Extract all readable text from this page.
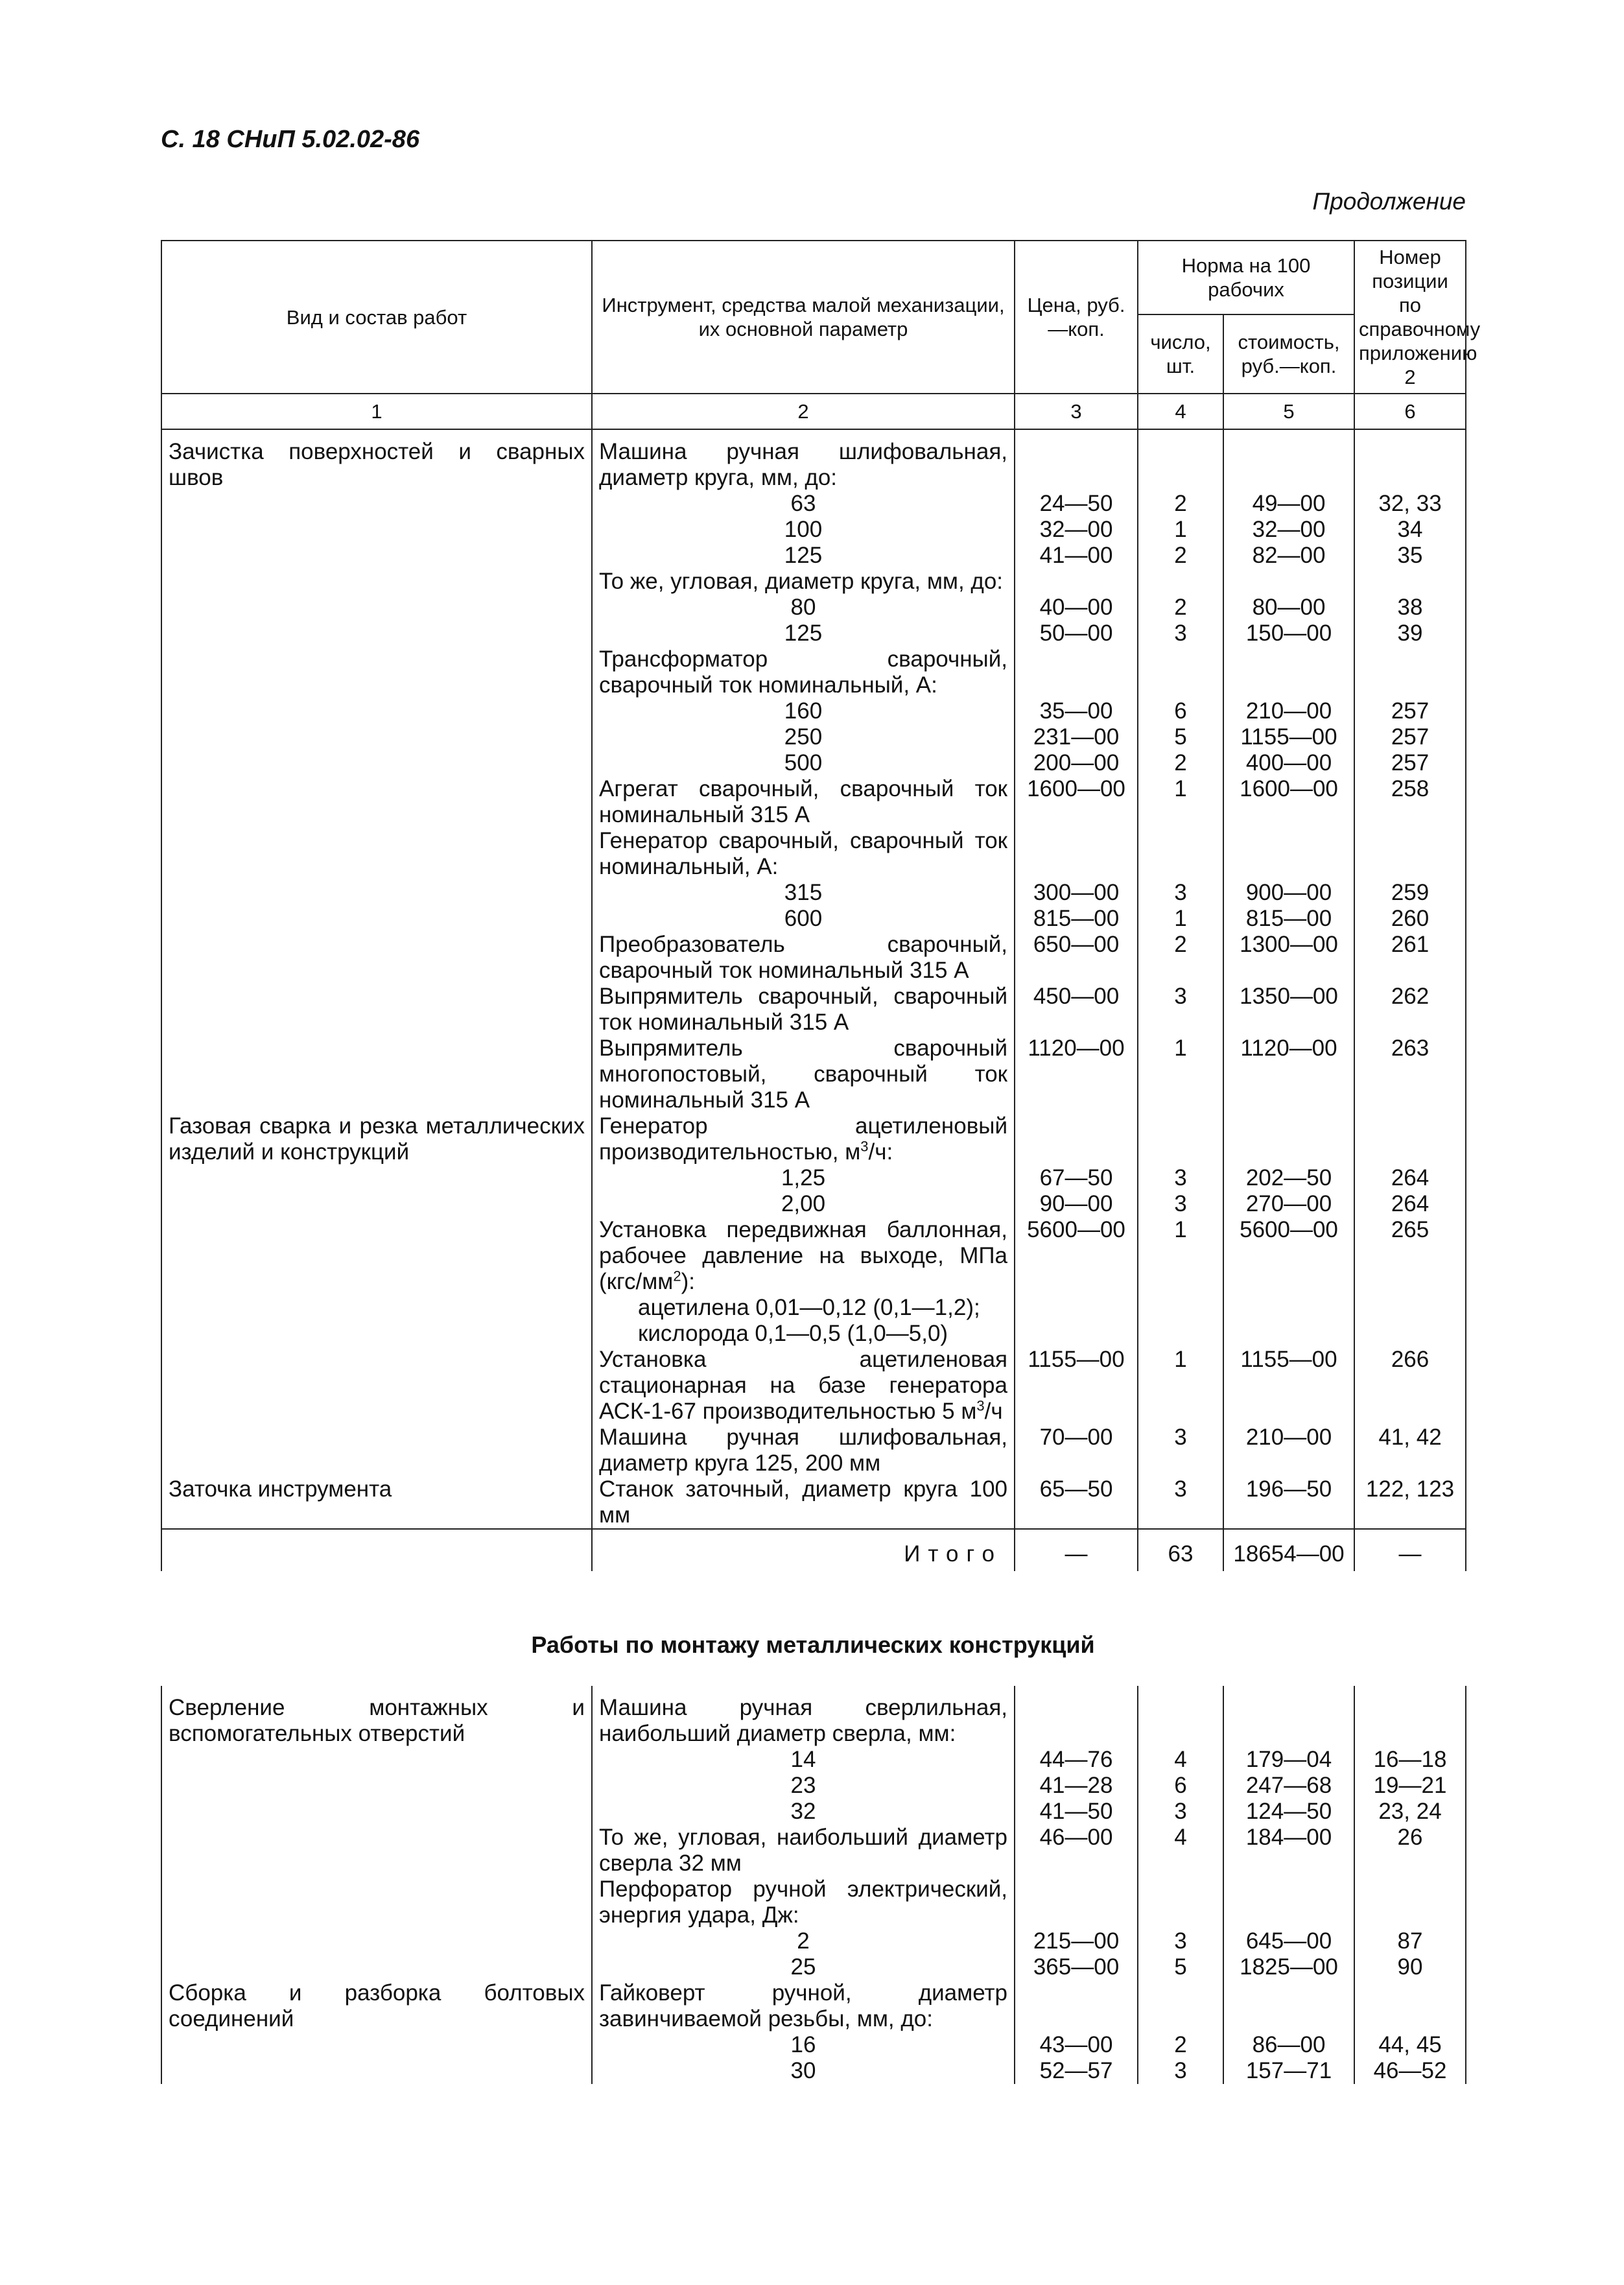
С. 18 СНиП 5.02.02-86
Продолжение
Вид и состав работ	Инструмент, средства малой механизации, их основной параметр	Цена, руб.—коп.	Норма на 100 рабочих		Номер позиции по справочному приложению 2
			число, шт.	стоимость, руб.—коп.	
1	2	3	4	5	6
Зачистка поверхностей и сварных швов	Машина ручная шлифовальная, диаметр круга, мм, до:				
	63	24—50	2	49—00	32, 33
	100	32—00	1	32—00	34
	125	41—00	2	82—00	35
	То же, угловая, диаметр круга, мм, до:				
	80	40—00	2	80—00	38
	125	50—00	3	150—00	39
	Трансформатор сварочный, сварочный ток номинальный, А:				
	160	35—00	6	210—00	257
	250	231—00	5	1155—00	257
	500	200—00	2	400—00	257
	Агрегат сварочный, сварочный ток номинальный 315 А	1600—00	1	1600—00	258
	Генератор сварочный, сварочный ток номинальный, А:				
	315	300—00	3	900—00	259
	600	815—00	1	815—00	260
	Преобразователь сварочный, сварочный ток номинальный 315 А	650—00	2	1300—00	261
	Выпрямитель сварочный, сварочный ток номинальный 315 А	450—00	3	1350—00	262
	Выпрямитель сварочный многопостовый, сварочный ток номинальный 315 А	1120—00	1	1120—00	263
Газовая сварка и резка металлических изделий и конструкций	Генератор ацетиленовый производительностью, $м^3/ч$:				
	1,25	67—50	3	202—50	264
	2,00	90—00	3	270—00	264
	Установка передвижная баллонная, рабочее давление на выходе, МПа $(кгс/мм^2)$:	5600—00	1	5600—00	265
	ацетилена 0,01—0,12 (0,1—1,2);				
	кислорода 0,1—0,5 (1,0—5,0)				
	Установка ацетиленовая стационарная на базе генератора АСК-1-67 производительностью 5 $м^3/ч$	1155—00	1	1155—00	266
	Машина ручная шлифовальная, диаметр круга 125, 200 мм	70—00	3	210—00	41, 42
Заточка инструмента	Станок заточный, диаметр круга 100 мм	65—50	3	196—50	122, 123
	Итого	—	63	18654—00	—
Работы по монтажу металлических конструкций
Сверление монтажных и вспомогательных отверстий	Машина ручная сверлильная, наибольший диаметр сверла, мм:				
	14	44—76	4	179—04	16—18
	23	41—28	6	247—68	19—21
	32	41—50	3	124—50	23, 24
	То же, угловая, наибольший диаметр сверла 32 мм	46—00	4	184—00	26
	Перфоратор ручной электрический, энергия удара, Дж:				
	2	215—00	3	645—00	87
	25	365—00	5	1825—00	90
Сборка и разборка болтовых соединений	Гайковерт ручной, диаметр завинчиваемой резьбы, мм, до:				
	16	43—00	2	86—00	44, 45
	30	52—57	3	157—71	46—52
